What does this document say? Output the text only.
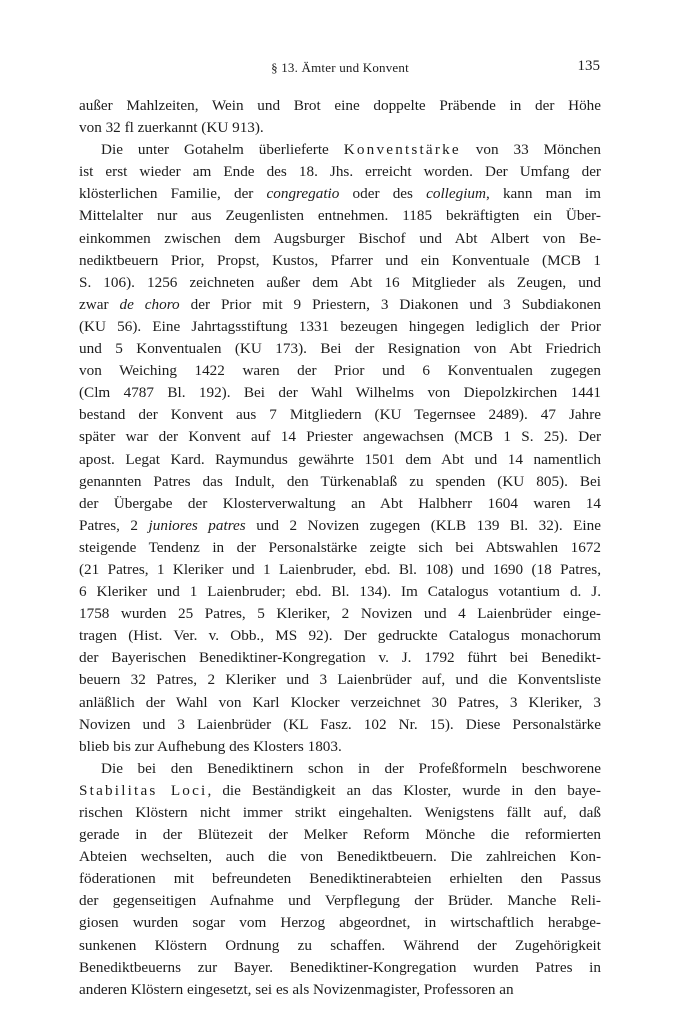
§ 13. Ämter und Konvent	135

außer Mahlzeiten, Wein und Brot eine doppelte Präbende in der Höhe
von 32 fl zuerkannt (KU 913).

Die unter Gotahelm überlieferte Konventstärke von 33 Mönchen
ist erst wieder am Ende des 18. Jhs. erreicht worden. Der Umfang der
klösterlichen Familie, der congregatio oder des collegium, kann man im
Mittelalter nur aus Zeugenlisten entnehmen. 1185 bekräftigten ein Über-
einkommen zwischen dem Augsburger Bischof und Abt Albert von Be-
nediktbeuern Prior, Propst, Kustos, Pfarrer und ein Konventuale (MCB 1
S. 106). 1256 zeichneten außer dem Abt 16 Mitglieder als Zeugen, und
zwar de choro der Prior mit 9 Priestern, 3 Diakonen und 3 Subdiakonen
(KU 56). Eine Jahrtagsstiftung 1331 bezeugen hingegen lediglich der Prior
und 5 Konventualen (KU 173). Bei der Resignation von Abt Friedrich
von Weiching 1422 waren der Prior und 6 Konventualen zugegen
(Clm 4787 Bl. 192). Bei der Wahl Wilhelms von Diepolzkirchen 1441
bestand der Konvent aus 7 Mitgliedern (KU Tegernsee 2489). 47 Jahre
später war der Konvent auf 14 Priester angewachsen (MCB 1 S. 25). Der
apost. Legat Kard. Raymundus gewährte 1501 dem Abt und 14 namentlich
genannten Patres das Indult, den Türkenablaß zu spenden (KU 805). Bei
der Übergabe der Klosterverwaltung an Abt Halbherr 1604 waren 14
Patres, 2 juniores patres und 2 Novizen zugegen (KLB 139 Bl. 32). Eine
steigende Tendenz in der Personalstärke zeigte sich bei Abtswahlen 1672
(21 Patres, 1 Kleriker und 1 Laienbruder, ebd. Bl. 108) und 1690 (18 Patres,
6 Kleriker und 1 Laienbruder; ebd. Bl. 134). Im Catalogus votantium d. J.
1758 wurden 25 Patres, 5 Kleriker, 2 Novizen und 4 Laienbrüder einge-
tragen (Hist. Ver. v. Obb., MS 92). Der gedruckte Catalogus monachorum
der Bayerischen Benediktiner-Kongregation v. J. 1792 führt bei Benedikt-
beuern 32 Patres, 2 Kleriker und 3 Laienbrüder auf, und die Konventsliste
anläßlich der Wahl von Karl Klocker verzeichnet 30 Patres, 3 Kleriker, 3
Novizen und 3 Laienbrüder (KL Fasz. 102 Nr. 15). Diese Personalstärke
blieb bis zur Aufhebung des Klosters 1803.

Die bei den Benediktinern schon in der Profeßformeln beschworene
Stabilitas Loci, die Beständigkeit an das Kloster, wurde in den baye-
rischen Klöstern nicht immer strikt eingehalten. Wenigstens fällt auf, daß
gerade in der Blütezeit der Melker Reform Mönche die reformierten
Abteien wechselten, auch die von Benediktbeuern. Die zahlreichen Kon-
föderationen mit befreundeten Benediktinerabteien erhielten den Passus
der gegenseitigen Aufnahme und Verpflegung der Brüder. Manche Reli-
giosen wurden sogar vom Herzog abgeordnet, in wirtschaftlich herabge-
sunkenen Klöstern Ordnung zu schaffen. Während der Zugehörigkeit
Benediktbeuerns zur Bayer. Benediktiner-Kongregation wurden Patres in
anderen Klöstern eingesetzt, sei es als Novizenmagister, Professoren an
